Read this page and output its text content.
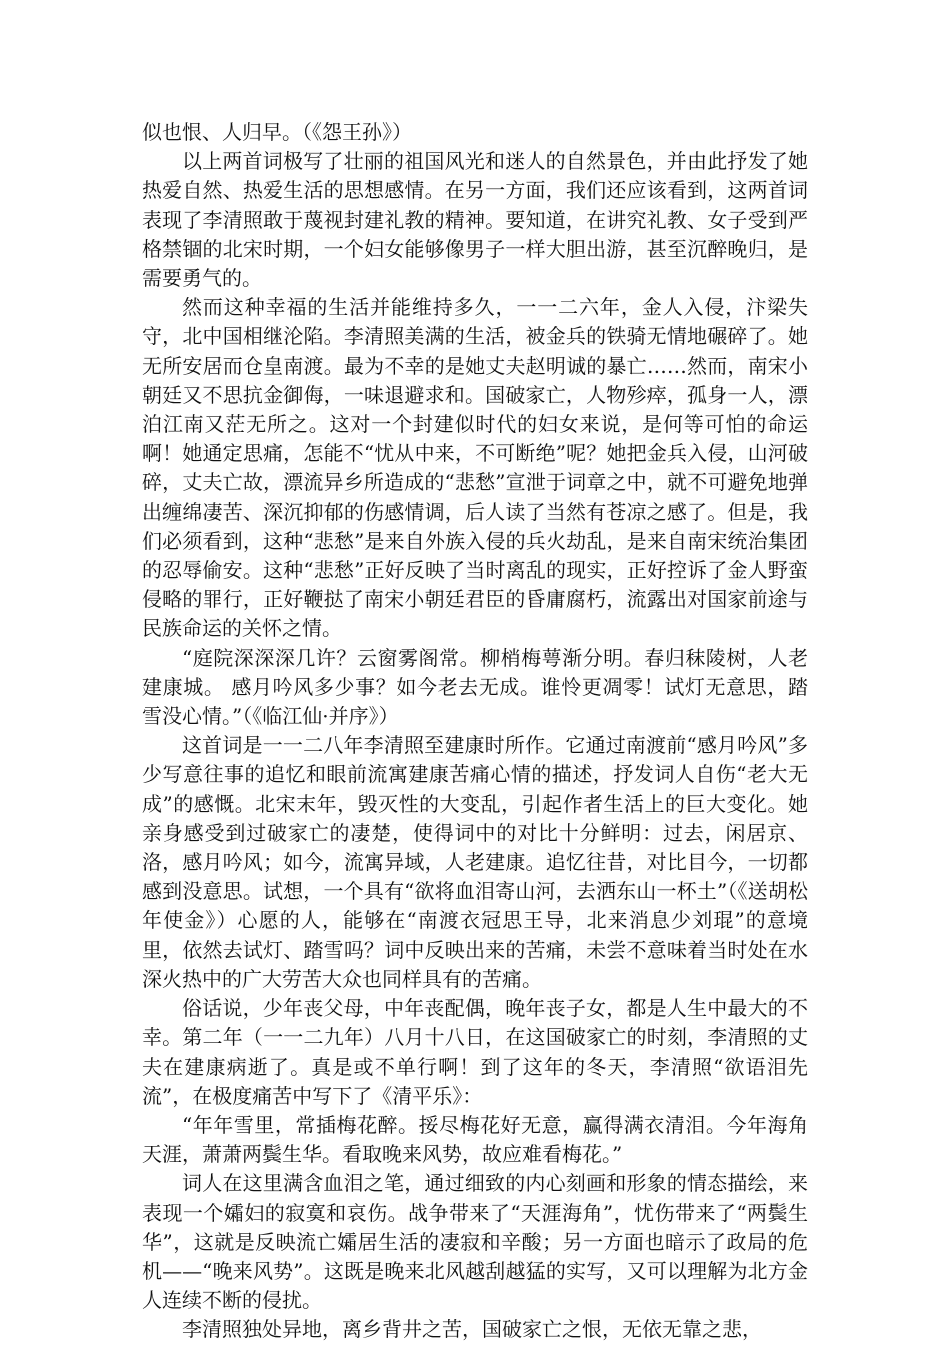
似也恨、人归早。（《怨王孙》）

以上两首词极写了壮丽的祖国风光和迷人的自然景色，并由此抒发了她热爱自然、热爱生活的思想感情。在另一方面，我们还应该看到，这两首词表现了李清照敢于蔑视封建礼教的精神。要知道，在讲究礼教、女子受到严格禁锢的北宋时期，一个妇女能够像男子一样大胆出游，甚至沉醉晚归，是需要勇气的。

然而这种幸福的生活并能维持多久，一一二六年，金人入侵，汴梁失守，北中国相继沦陷。李清照美满的生活，被金兵的铁骑无情地碾碎了。她无所安居而仓皇南渡。最为不幸的是她丈夫赵明诚的暴亡……然而，南宋小朝廷又不思抗金御侮，一味退避求和。国破家亡，人物殄瘁，孤身一人，漂泊江南又茫无所之。这对一个封建似时代的妇女来说，是何等可怕的命运啊！她通定思痛，怎能不“忧从中来，不可断绝”呢？她把金兵入侵，山河破碎，丈夫亡故，漂流异乡所造成的“悲愁”宣泄于词章之中，就不可避免地弹出缠绵凄苦、深沉抑郁的伤感情调，后人读了当然有苍凉之感了。但是，我们必须看到，这种“悲愁”是来自外族入侵的兵火劫乱，是来自南宋统治集团的忍辱偷安。这种“悲愁”正好反映了当时离乱的现实，正好控诉了金人野蛮侵略的罪行，正好鞭挞了南宋小朝廷君臣的昏庸腐朽，流露出对国家前途与民族命运的关怀之情。

“庭院深深深几许？云窗雾阁常。柳梢梅萼渐分明。春归秣陵树，人老建康城。 感月吟风多少事？如今老去无成。谁怜更凋零！试灯无意思，踏雪没心情。”（《临江仙·并序》）

这首词是一一二八年李清照至建康时所作。它通过南渡前“感月吟风”多少写意往事的追忆和眼前流寓建康苦痛心情的描述，抒发词人自伤“老大无成”的感慨。北宋末年，毁灭性的大变乱，引起作者生活上的巨大变化。她亲身感受到过破家亡的凄楚，使得词中的对比十分鲜明：过去，闲居京、洛，感月吟风；如今，流寓异域，人老建康。追忆往昔，对比目今，一切都感到没意思。试想，一个具有“欲将血泪寄山河，去洒东山一杯土”（《送胡松年使金》）心愿的人，能够在“南渡衣冠思王导，北来消息少刘琨”的意境里，依然去试灯、踏雪吗？词中反映出来的苦痛，未尝不意味着当时处在水深火热中的广大劳苦大众也同样具有的苦痛。

俗话说，少年丧父母，中年丧配偶，晚年丧子女，都是人生中最大的不幸。第二年（一一二九年）八月十八日，在这国破家亡的时刻，李清照的丈夫在建康病逝了。真是或不单行啊！到了这年的冬天，李清照“欲语泪先流”，在极度痛苦中写下了《清平乐》：

“年年雪里，常插梅花醉。挼尽梅花好无意，赢得满衣清泪。今年海角天涯，萧萧两鬓生华。看取晚来风势，故应难看梅花。”

词人在这里满含血泪之笔，通过细致的内心刻画和形象的情态描绘，来表现一个孀妇的寂寞和哀伤。战争带来了“天涯海角”，忧伤带来了“两鬓生华”，这就是反映流亡孀居生活的凄寂和辛酸；另一方面也暗示了政局的危机——“晚来风势”。这既是晚来北风越刮越猛的实写，又可以理解为北方金人连续不断的侵扰。

李清照独处异地，离乡背井之苦，国破家亡之恨，无依无靠之悲，
